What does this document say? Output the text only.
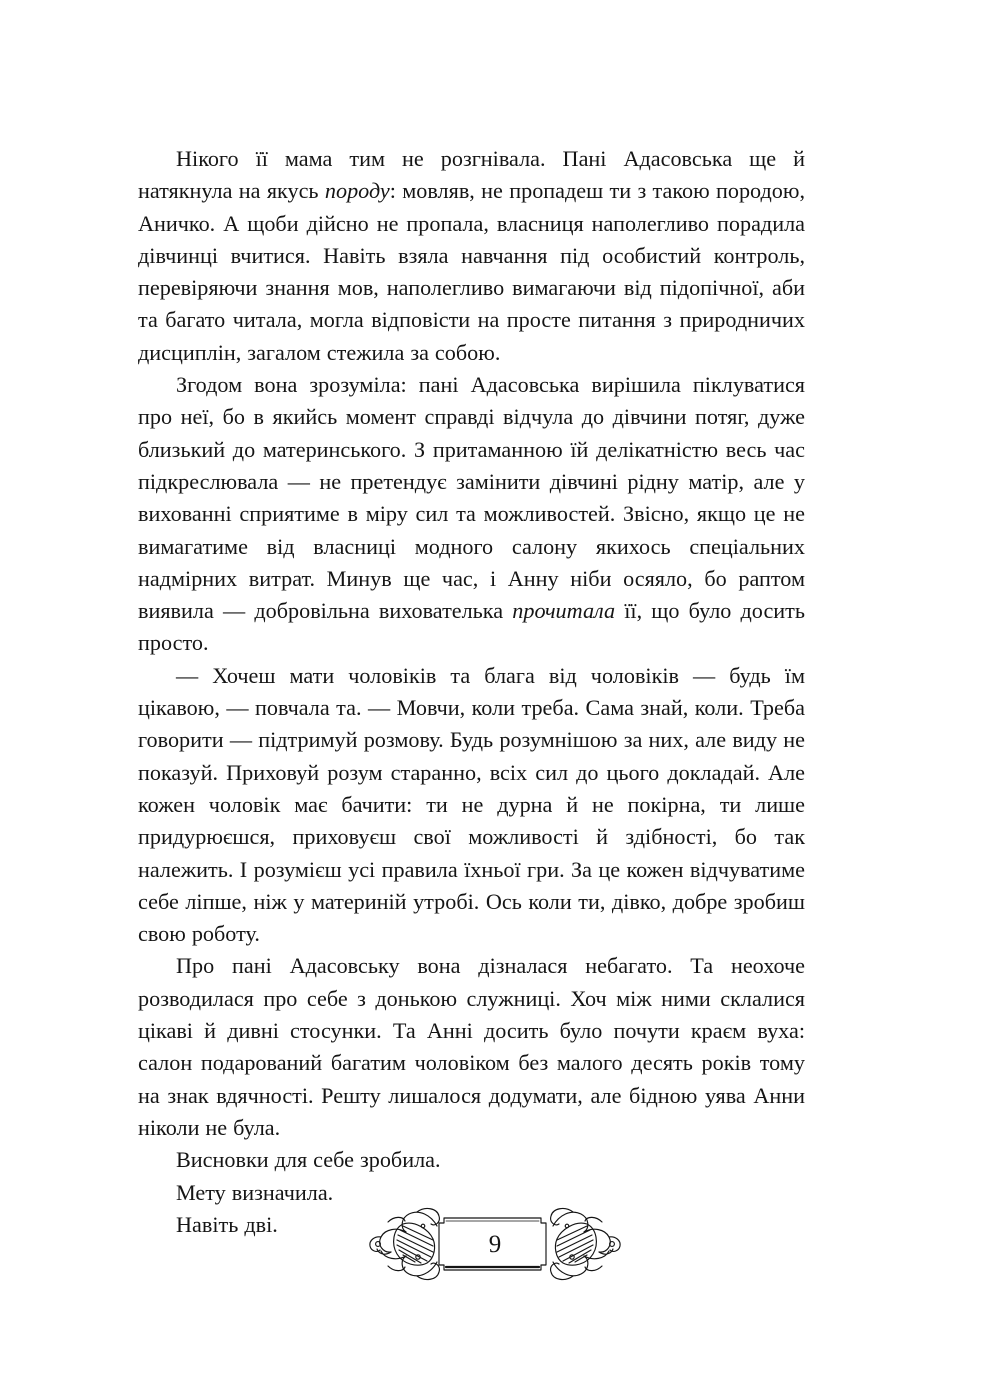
Нікого її мама тим не розгнівала. Пані Адасовська ще й натякнула на якусь породу: мовляв, не пропадеш ти з такою породою, Аничко. А щоби дійсно не пропала, власниця наполегливо порадила дівчинці вчитися. Навіть взяла навчання під особистий контроль, перевіряючи знання мов, наполегливо вимагаючи від підопічної, аби та багато читала, могла відповісти на просте питання з природничих дисциплін, загалом стежила за собою.

Згодом вона зрозуміла: пані Адасовська вирішила піклуватися про неї, бо в якийсь момент справді відчула до дівчини потяг, дуже близький до материнського. З притаманною їй делікатністю весь час підкреслювала — не претендує замінити дівчині рідну матір, але у вихованні сприятиме в міру сил та можливостей. Звісно, якщо це не вимагатиме від власниці модного салону якихось спеціальних надмірних витрат. Минув ще час, і Анну ніби осяяло, бо раптом виявила — добровільна вихователька прочитала її, що було досить просто.

— Хочеш мати чоловіків та блага від чоловіків — будь їм цікавою, — повчала та. — Мовчи, коли треба. Сама знай, коли. Треба говорити — підтримуй розмову. Будь розумнішою за них, але виду не показуй. Приховуй розум старанно, всіх сил до цього докладай. Але кожен чоловік має бачити: ти не дурна й не покірна, ти лише придурюєшся, приховуєш свої можливості й здібності, бо так належить. І розумієш усі правила їхньої гри. За це кожен відчуватиме себе ліпше, ніж у материній утробі. Ось коли ти, дівко, добре зробиш свою роботу.

Про пані Адасовську вона дізналася небагато. Та неохоче розводилася про себе з донькою служниці. Хоч між ними склалися цікаві й дивні стосунки. Та Анні досить було почути краєм вуха: салон подарований багатим чоловіком без малого десять років тому на знак вдячності. Решту лишалося додумати, але бідною уява Анни ніколи не була.

Висновки для себе зробила.

Мету визначила.

Навіть дві.

9
